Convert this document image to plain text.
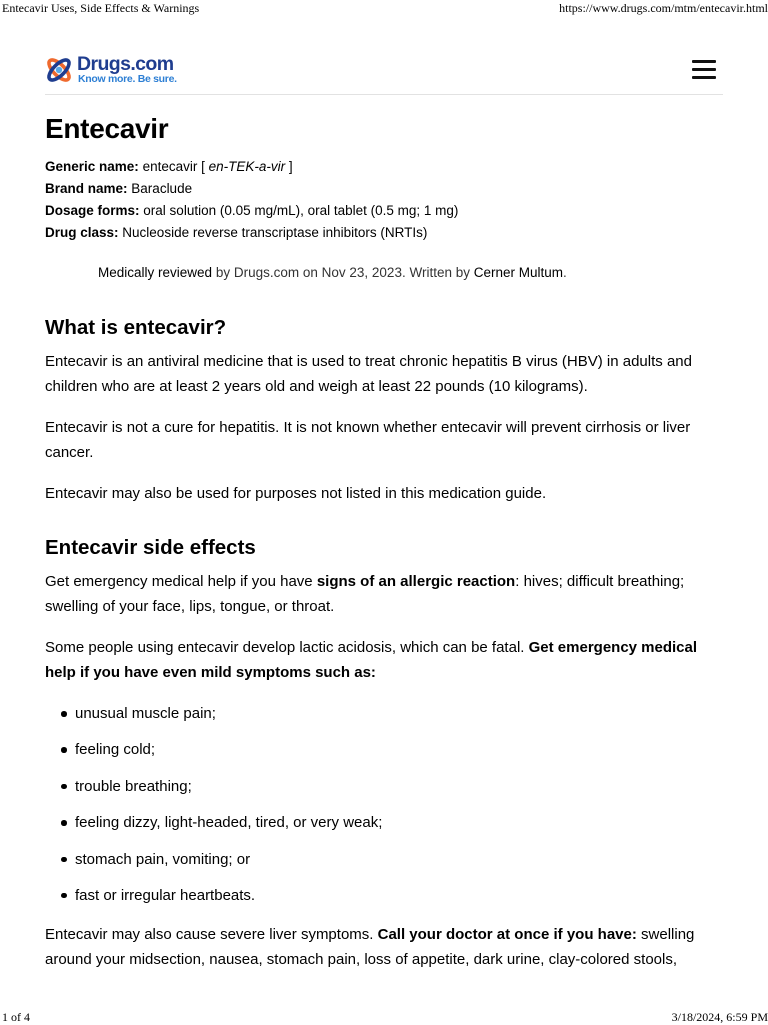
Entecavir Uses, Side Effects & Warnings	https://www.drugs.com/mtm/entecavir.html
Drugs.com
Know more. Be sure.
Entecavir
Generic name: entecavir [ en-TEK-a-vir ]
Brand name: Baraclude
Dosage forms: oral solution (0.05 mg/mL), oral tablet (0.5 mg; 1 mg)
Drug class: Nucleoside reverse transcriptase inhibitors (NRTIs)
Medically reviewed by Drugs.com on Nov 23, 2023. Written by Cerner Multum.
What is entecavir?

Entecavir is an antiviral medicine that is used to treat chronic hepatitis B virus (HBV) in adults and children who are at least 2 years old and weigh at least 22 pounds (10 kilograms).

Entecavir is not a cure for hepatitis. It is not known whether entecavir will prevent cirrhosis or liver cancer.

Entecavir may also be used for purposes not listed in this medication guide.

Entecavir side effects

Get emergency medical help if you have signs of an allergic reaction: hives; difficult breathing; swelling of your face, lips, tongue, or throat.

Some people using entecavir develop lactic acidosis, which can be fatal. Get emergency medical help if you have even mild symptoms such as:

unusual muscle pain;
feeling cold;
trouble breathing;
feeling dizzy, light-headed, tired, or very weak;
stomach pain, vomiting; or
fast or irregular heartbeats.

Entecavir may also cause severe liver symptoms. Call your doctor at once if you have: swelling around your midsection, nausea, stomach pain, loss of appetite, dark urine, clay-colored stools,

1 of 4	3/18/2024, 6:59 PM
